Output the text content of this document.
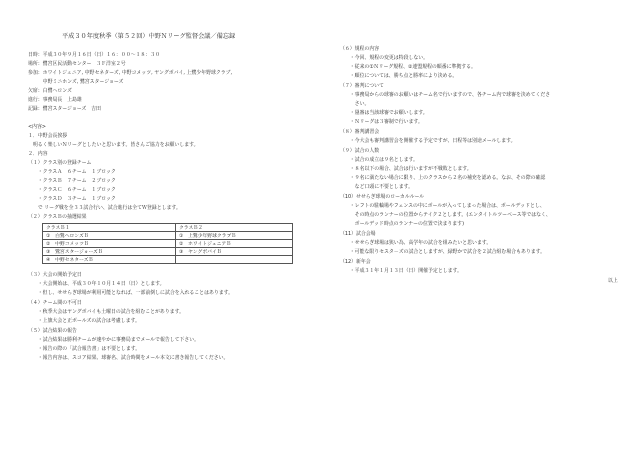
平成３０年度秋季（第５２回）中野Ｎリーグ監督会議／備忘録
日時：平成３０年９月１６日（日）１６：００～１８：３０
場所：鷺宮区民活動センター　３Ｆ洋室２号
参加：ホワイトジュニア, 中野セネターズ, 中野コメッツ, ヤングボバイ, 上鷺少年野球クラブ,
　　　中野ミニホンズ, 鷺宮スタージョーズ
欠席：白鷺ヘロンズ
進行：事務局長　上島雄
記録：鷺宮スタージョーズ　吉田
<内容>
１．中野会長挨拶
　明るく楽しいＮリーグとしたいと思います。皆さんご協力をお願いします。
２．内容
（１）クラス別の登録チーム
　　・クラスＡ　６チーム　１ブロック
　　・クラスＢ　７チーム　２ブロック
　　・クラスＣ　６チーム　１ブロック
　　・クラスＤ　３チーム　１ブロック
　　で リーグ戦を全３３試合行い、試合進行は全てＷ登録とします。
（２）クラスＢの抽選結果
クラスＢ１	クラスＢ２
①　白鷺ヘロンズＢ	①　上鷺少年野球クラブＢ
②　中野コメッツＢ	②　ホワイトジュニアＢ
③　鷺宮スタージョーズＢ	③　ヤングボバイＢ
④　中野セネターズＢ	
（３）大会の開始予定日
　　・大会開始は、平成３０年１０月１４日（日）とします。
　　・但し、せせらぎ球場が利用可能となれば、一部前倒しに試合を入れることはあります。
（４）チーム間の不可日
　　・秋季大会はヤングボバイも土曜日の試合を組むことがあります。
　　・上旗大会と正ボールズの試合は考慮します。
（５）試合結果の報告
　　・試合結果は勝利チームが速やかに事務局までメールで報告して下さい。
　　・報告の際の「試合報告書」は不要とします。
　　・報告内容は、スコア結果、球審名、試合時間をメール本文に書き報告してください。
（６）規程の内容
　　・今回、規程の変更は特段しない。
　　・従来の①Ｎリーグ規程、②連盟規程の順番に準拠する。
　　・順位については、勝ち点と勝率により決める。
（７）審判について
　　・事務局からの球審のお願いはチーム名で行いますので、各チーム内で球審を決めてくださ
　　　さい。
　　・塁審は当該球審でお願いします。
　　・Ｎリーグは３審制で行います。
（８）審判講習会
　　・今大会も審判講習会を開催する予定ですが、日程等は別途メールします。
（９）試合の人数
　　・試合の成立は９名とします。
　　・８名以下の場合、試合は行いますが不戦敗とします。
　　・９名に満たない場合に限り、上のクラスから２名の補充を認める。なお、その際の確認
　　　など口頭に不要とします。
（10）せせらぎ球場のローカルルール
　　・レフトの駐輪場やフェンスの中にボールが入ってしまった場合は、ボールデッドとし、
　　　その時点のランナーの位置からテイク２とします。(エンタイトルツーベース等ではなく、
　　　ボールデッド時点のランナーの位置で決まります)
（11）試合会場
　　・せせらぎ球場は狭い為、高学年の試合を組みたいと思います。
　　・可能な限りセスタ－ズの試合としますが、緑野かで試合を２試合組む場合もあります。
（12）新年会
　　・平成３１年１月１３日（日）開催予定とします。
以上
